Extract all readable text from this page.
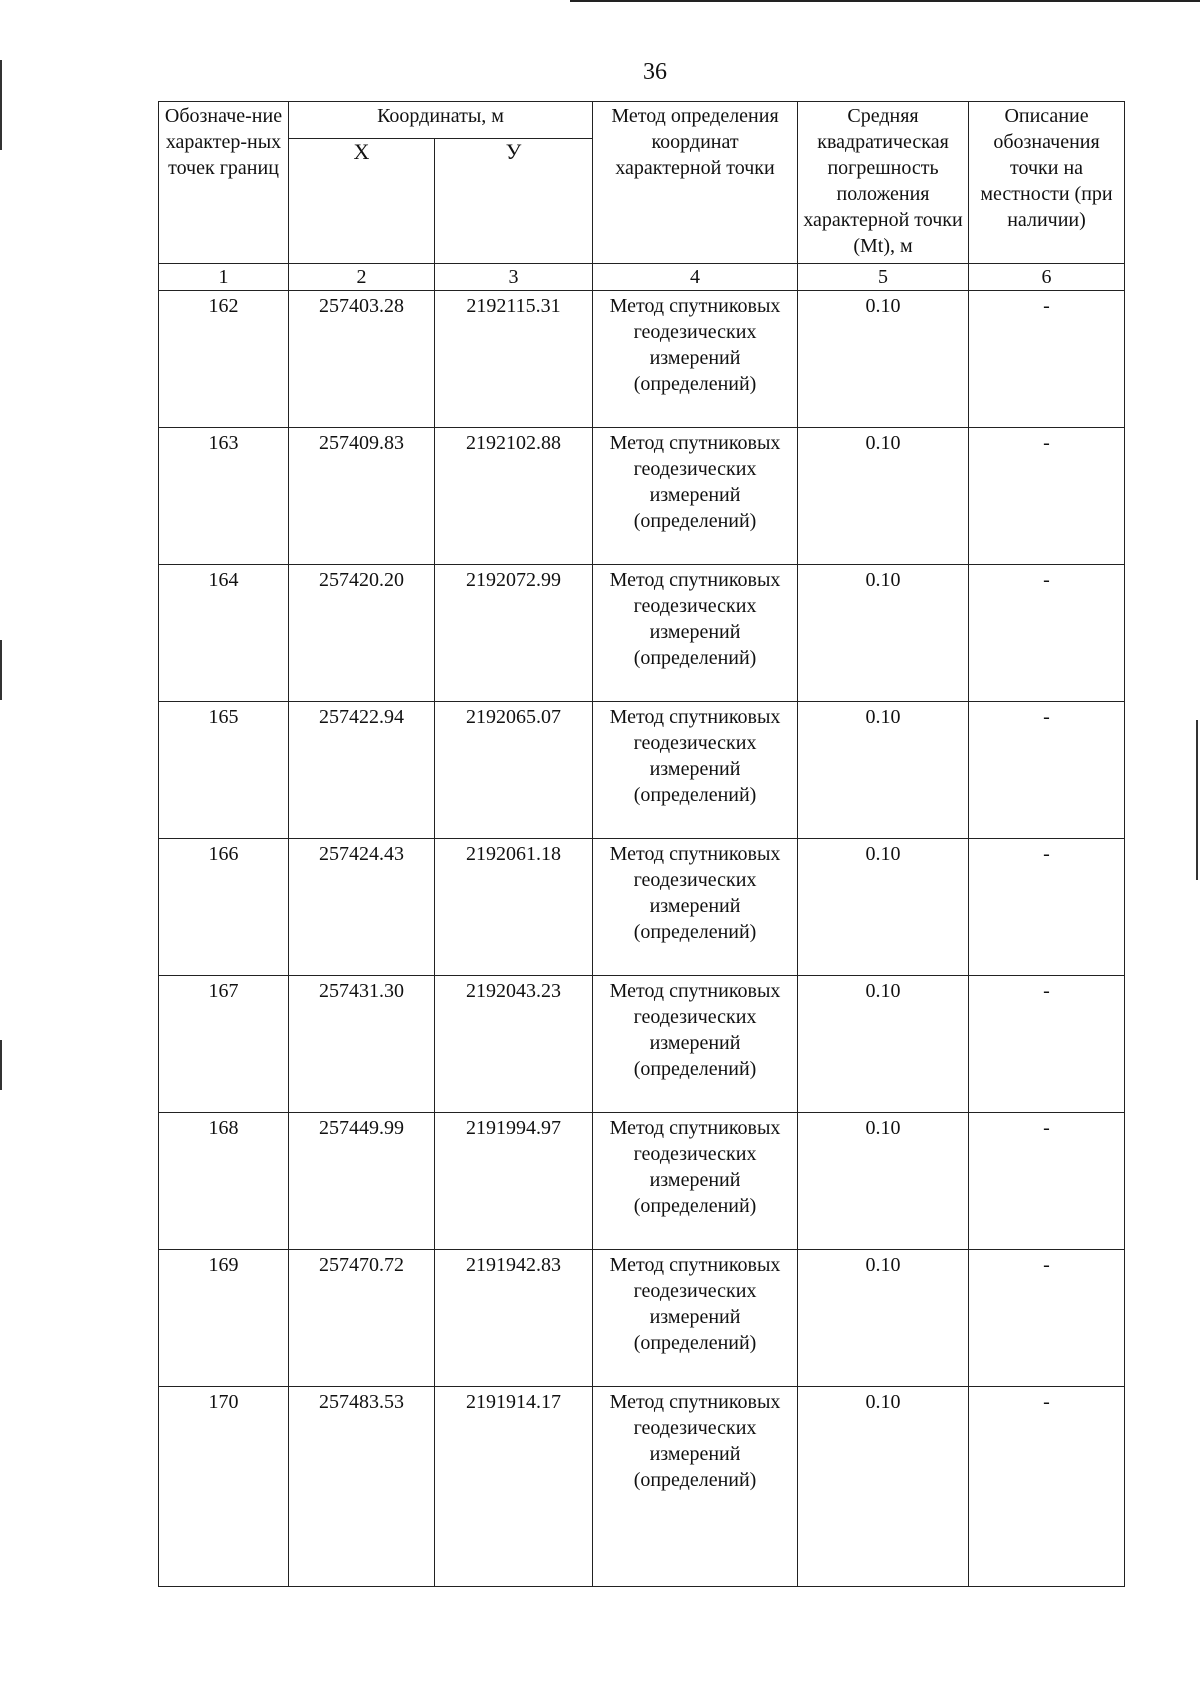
36
Обозначе-ние характер-ных точек границ	Координаты, м		Метод определения координат характерной точки	Средняя квадратическая погрешность положения характерной точки (Mt), м	Описание обозначения точки на местности (при наличии)
	X	У			
1	2	3	4	5	6
162	257403.28	2192115.31	Метод спутниковых геодезических измерений (определений)	0.10	-
163	257409.83	2192102.88	Метод спутниковых геодезических измерений (определений)	0.10	-
164	257420.20	2192072.99	Метод спутниковых геодезических измерений (определений)	0.10	-
165	257422.94	2192065.07	Метод спутниковых геодезических измерений (определений)	0.10	-
166	257424.43	2192061.18	Метод спутниковых геодезических измерений (определений)	0.10	-
167	257431.30	2192043.23	Метод спутниковых геодезических измерений (определений)	0.10	-
168	257449.99	2191994.97	Метод спутниковых геодезических измерений (определений)	0.10	-
169	257470.72	2191942.83	Метод спутниковых геодезических измерений (определений)	0.10	-
170	257483.53	2191914.17	Метод спутниковых геодезических измерений (определений)	0.10	-
